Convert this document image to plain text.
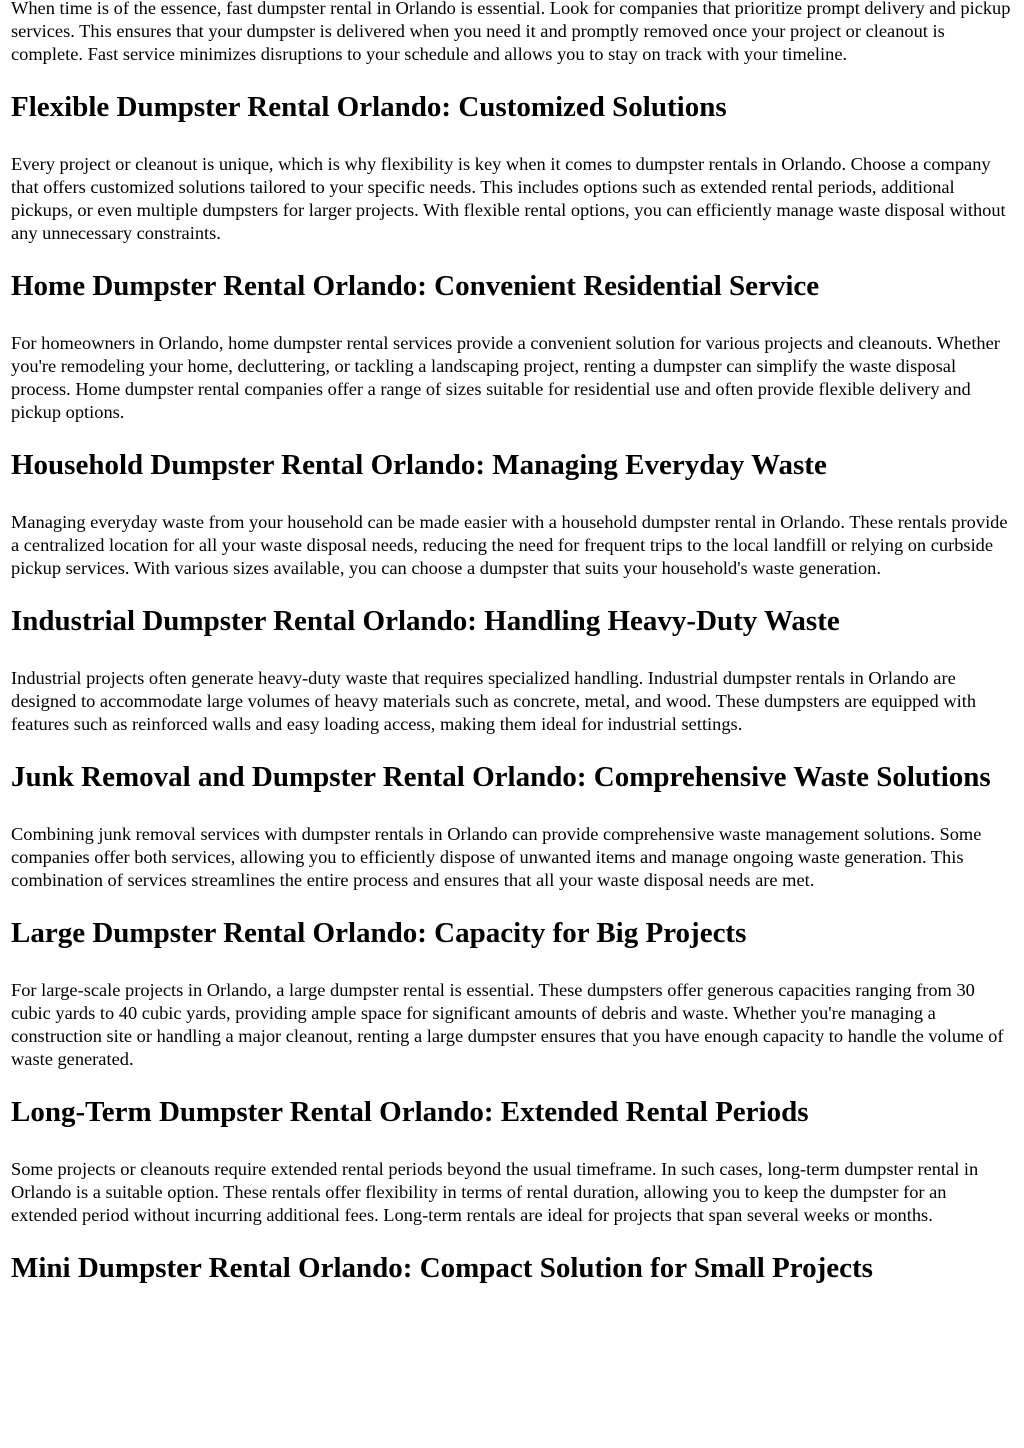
When time is of the essence, fast dumpster rental in Orlando is essential. Look for companies that prioritize prompt delivery and pickup services. This ensures that your dumpster is delivered when you need it and promptly removed once your project or cleanout is complete. Fast service minimizes disruptions to your schedule and allows you to stay on track with your timeline.

Flexible Dumpster Rental Orlando: Customized Solutions

Every project or cleanout is unique, which is why flexibility is key when it comes to dumpster rentals in Orlando. Choose a company that offers customized solutions tailored to your specific needs. This includes options such as extended rental periods, additional pickups, or even multiple dumpsters for larger projects. With flexible rental options, you can efficiently manage waste disposal without any unnecessary constraints.

Home Dumpster Rental Orlando: Convenient Residential Service

For homeowners in Orlando, home dumpster rental services provide a convenient solution for various projects and cleanouts. Whether you're remodeling your home, decluttering, or tackling a landscaping project, renting a dumpster can simplify the waste disposal process. Home dumpster rental companies offer a range of sizes suitable for residential use and often provide flexible delivery and pickup options.

Household Dumpster Rental Orlando: Managing Everyday Waste

Managing everyday waste from your household can be made easier with a household dumpster rental in Orlando. These rentals provide a centralized location for all your waste disposal needs, reducing the need for frequent trips to the local landfill or relying on curbside pickup services. With various sizes available, you can choose a dumpster that suits your household's waste generation.

Industrial Dumpster Rental Orlando: Handling Heavy-Duty Waste

Industrial projects often generate heavy-duty waste that requires specialized handling. Industrial dumpster rentals in Orlando are designed to accommodate large volumes of heavy materials such as concrete, metal, and wood. These dumpsters are equipped with features such as reinforced walls and easy loading access, making them ideal for industrial settings.

Junk Removal and Dumpster Rental Orlando: Comprehensive Waste Solutions

Combining junk removal services with dumpster rentals in Orlando can provide comprehensive waste management solutions. Some companies offer both services, allowing you to efficiently dispose of unwanted items and manage ongoing waste generation. This combination of services streamlines the entire process and ensures that all your waste disposal needs are met.

Large Dumpster Rental Orlando: Capacity for Big Projects

For large-scale projects in Orlando, a large dumpster rental is essential. These dumpsters offer generous capacities ranging from 30 cubic yards to 40 cubic yards, providing ample space for significant amounts of debris and waste. Whether you're managing a construction site or handling a major cleanout, renting a large dumpster ensures that you have enough capacity to handle the volume of waste generated.

Long-Term Dumpster Rental Orlando: Extended Rental Periods

Some projects or cleanouts require extended rental periods beyond the usual timeframe. In such cases, long-term dumpster rental in Orlando is a suitable option. These rentals offer flexibility in terms of rental duration, allowing you to keep the dumpster for an extended period without incurring additional fees. Long-term rentals are ideal for projects that span several weeks or months.

Mini Dumpster Rental Orlando: Compact Solution for Small Projects
